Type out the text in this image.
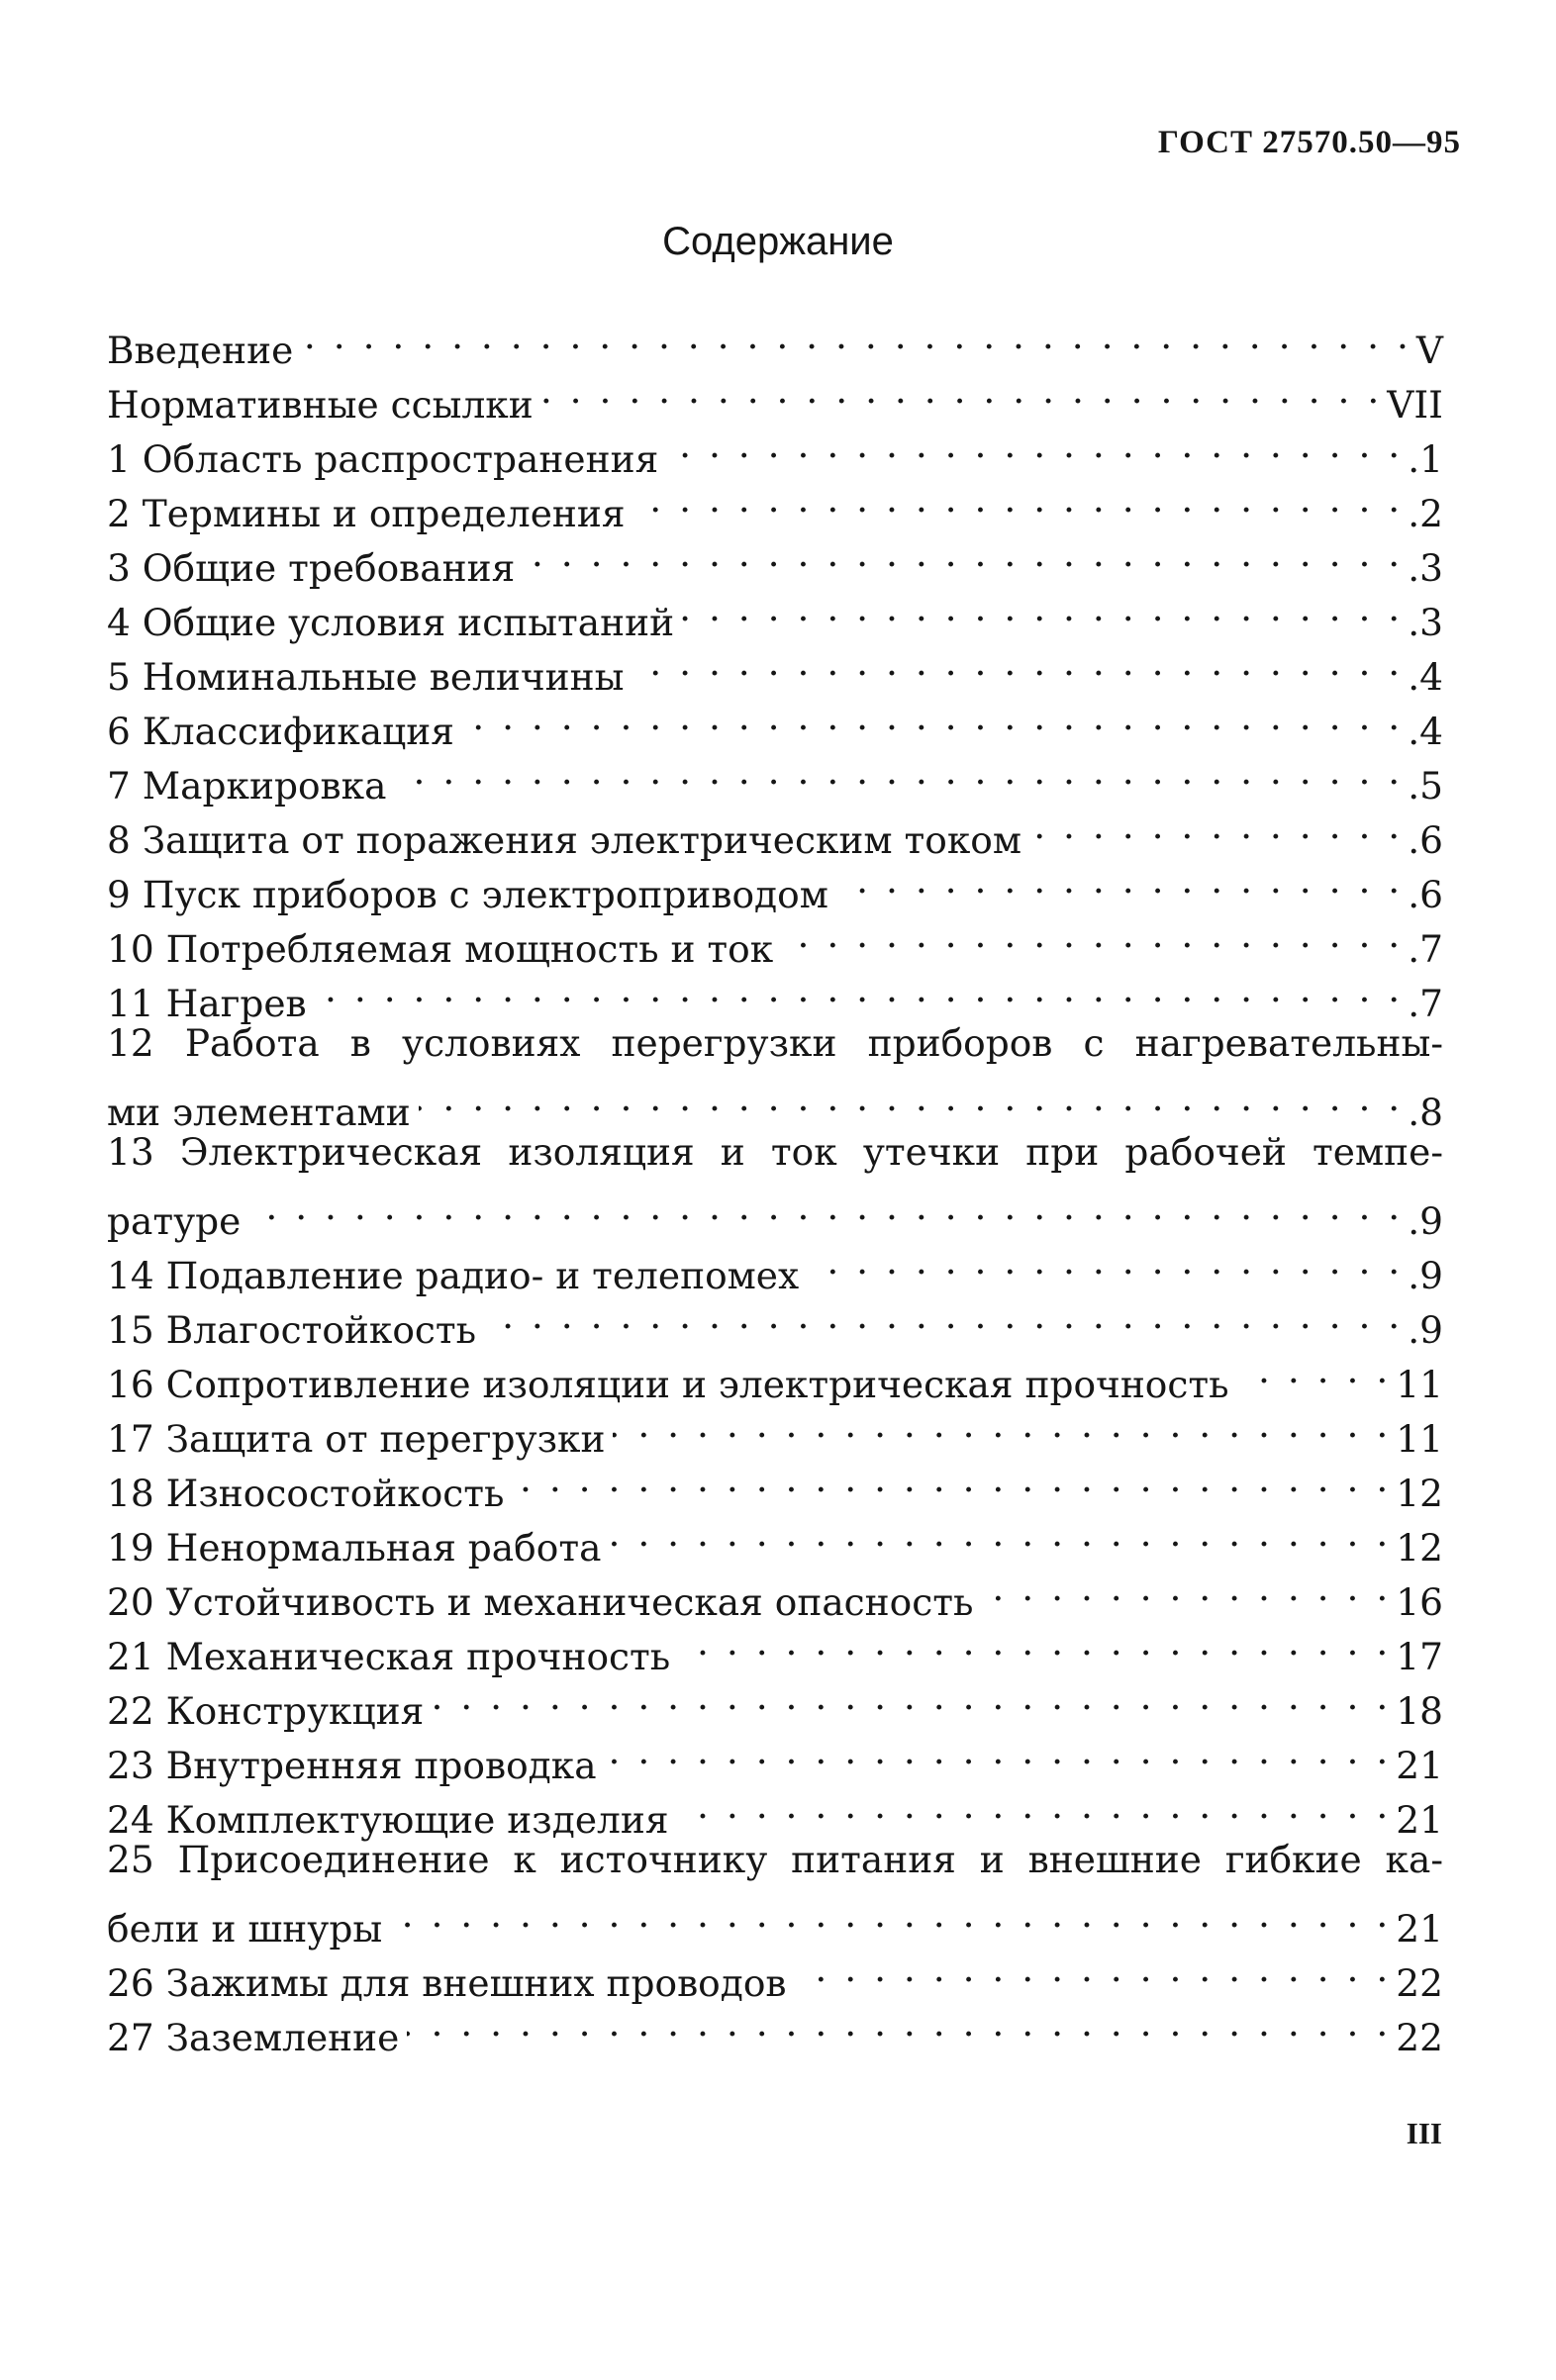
ГОСТ 27570.50—95
Содержание
Введение . . .	V
Нормативные ссылки . . .	VII
1 Область распространения . . .	.1
2 Термины и определения . . .	.2
3 Общие требования . . .	.3
4 Общие условия испытаний . . .	.3
5 Номинальные величины . . .	.4
6 Классификация . . .	.4
7 Маркировка . . .	.5
8 Защита от поражения электрическим током . . .	.6
9 Пуск приборов с электроприводом . . .	.6
10 Потребляемая мощность и ток . . .	.7
11 Нагрев . . .	.7
12 Работа в условиях перегрузки приборов с нагревательны-
ми элементами . . .	.8
13 Электрическая изоляция и ток утечки при рабочей темпе-
ратуре . . .	.9
14 Подавление радио- и телепомех . . .	.9
15 Влагостойкость . . .	.9
16 Сопротивление изоляции и электрическая прочность . . .	11
17 Защита от перегрузки . . .	11
18 Износостойкость . . .	12
19 Ненормальная работа . . .	12
20 Устойчивость и механическая опасность . . .	16
21 Механическая прочность . . .	17
22 Конструкция . . .	18
23 Внутренняя проводка . . .	21
24 Комплектующие изделия . . .	21
25 Присоединение к источнику питания и внешние гибкие ка-
бели и шнуры . . .	21
26 Зажимы для внешних проводов . . .	22
27 Заземление . . .	22
III
